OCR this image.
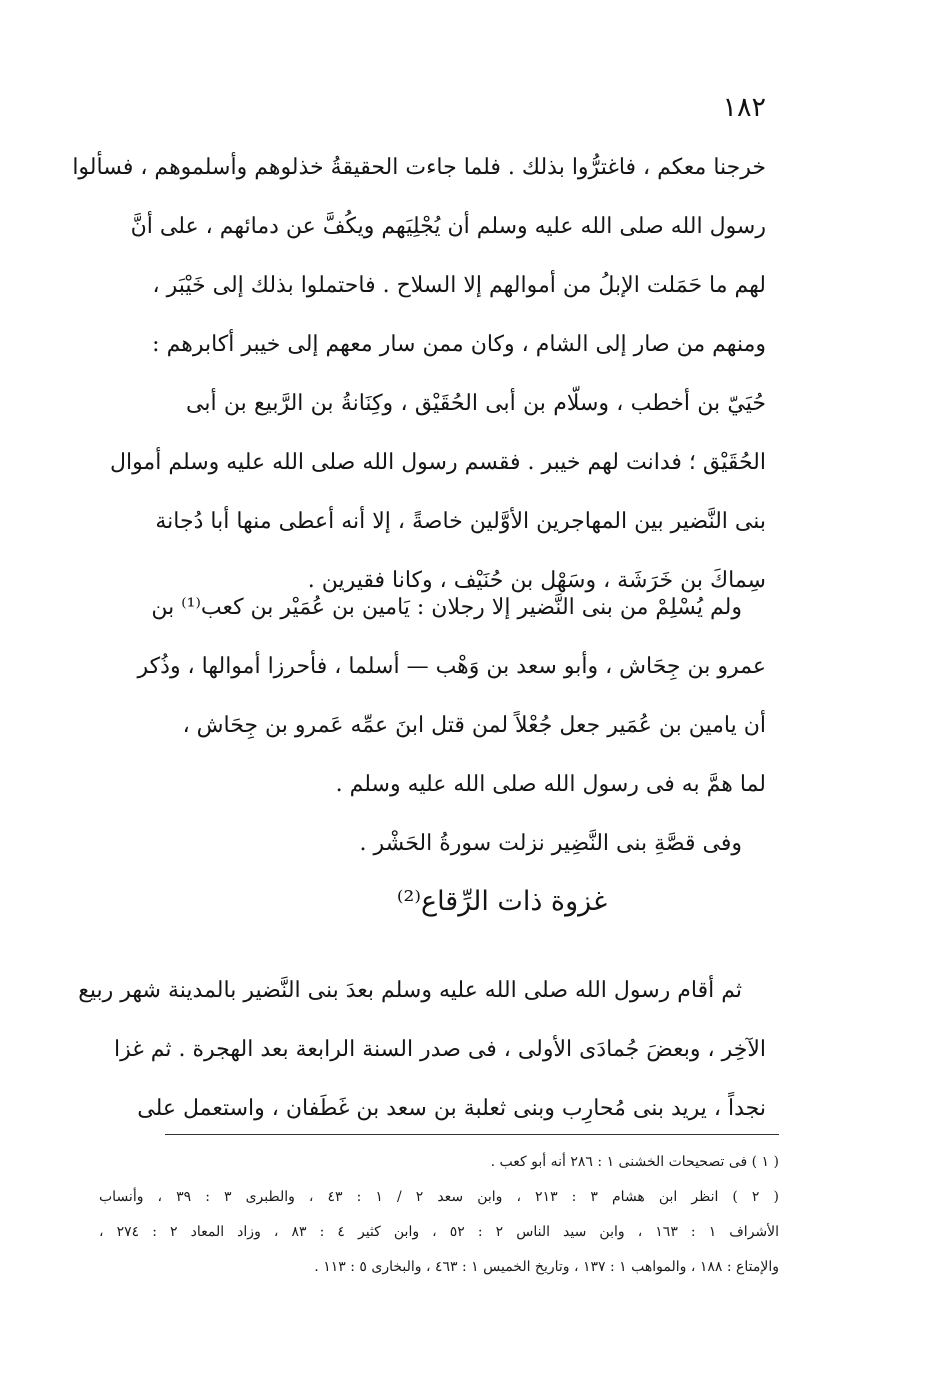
١٨٢
خرجنا معكم ، فاغترُّوا بذلك . فلما جاءت الحقيقةُ خذلوهم وأسلموهم ، فسألوا
رسول الله صلى الله عليه وسلم أن يُجْلِيَهم ويكُفَّ عن دمائهم ، على أنَّ
لهم ما حَمَلت الإبلُ من أموالهم إلا السلاح . فاحتملوا بذلك إلى خَيْبَر ،
ومنهم من صار إلى الشام ، وكان ممن سار معهم إلى خيبر أكابرهم :
حُيَيّ بن أخطب ، وسلّام بن أبى الحُقَيْق ، وكِنَانةُ بن الرَّبيع بن أبى
الحُقَيْق ؛ فدانت لهم خيبر . فقسم رسول الله صلى الله عليه وسلم أموال
بنى النَّضير بين المهاجرين الأوَّلين خاصةً ، إلا أنه أعطى منها أبا دُجانة
سِماكَ بن خَرَشَة ، وسَهْل بن حُنَيْف ، وكانا فقيرين .
ولم يُسْلِمْ من بنى النَّضير إلا رجلان : يَامين بن عُمَيْر بن كعب⁽¹⁾ بن
عمرو بن جِحَاش ، وأبو سعد بن وَهْب — أسلما ، فأحرزا أموالها ، وذُكر
أن يامين بن عُمَير جعل جُعْلاً لمن قتل ابنَ عمِّه عَمرو بن جِحَاش ،
لما همَّ به فى رسول الله صلى الله عليه وسلم .
وفى قصَّةِ بنى النَّضِير نزلت سورةُ الحَشْر .
غزوة ذات الرِّقاع⁽²⁾
ثم أقام رسول الله صلى الله عليه وسلم بعدَ بنى النَّضير بالمدينة شهر ربيع
الآخِر ، وبعضَ جُمادَى الأولى ، فى صدر السنة الرابعة بعد الهجرة . ثم غزا
نجداً ، يريد بنى مُحارِب وبنى ثعلبة بن سعد بن غَطَفان ، واستعمل على
( ١ ) فى تصحيحات الخشنى ١ : ٢٨٦ أنه أبو كعب .
( ٢ ) انظر ابن هشام ٣ : ٢١٣ ، وابن سعد ٢ / ١ : ٤٣ ، والطبرى ٣ : ٣٩ ، وأنساب
الأشراف ١ : ١٦٣ ، وابن سيد الناس ٢ : ٥٢ ، وابن كثير ٤ : ٨٣ ، وزاد المعاد ٢ : ٢٧٤ ،
والإمتاع : ١٨٨ ، والمواهب ١ : ١٣٧ ، وتاريخ الخميس ١ : ٤٦٣ ، والبخارى ٥ : ١١٣ .
